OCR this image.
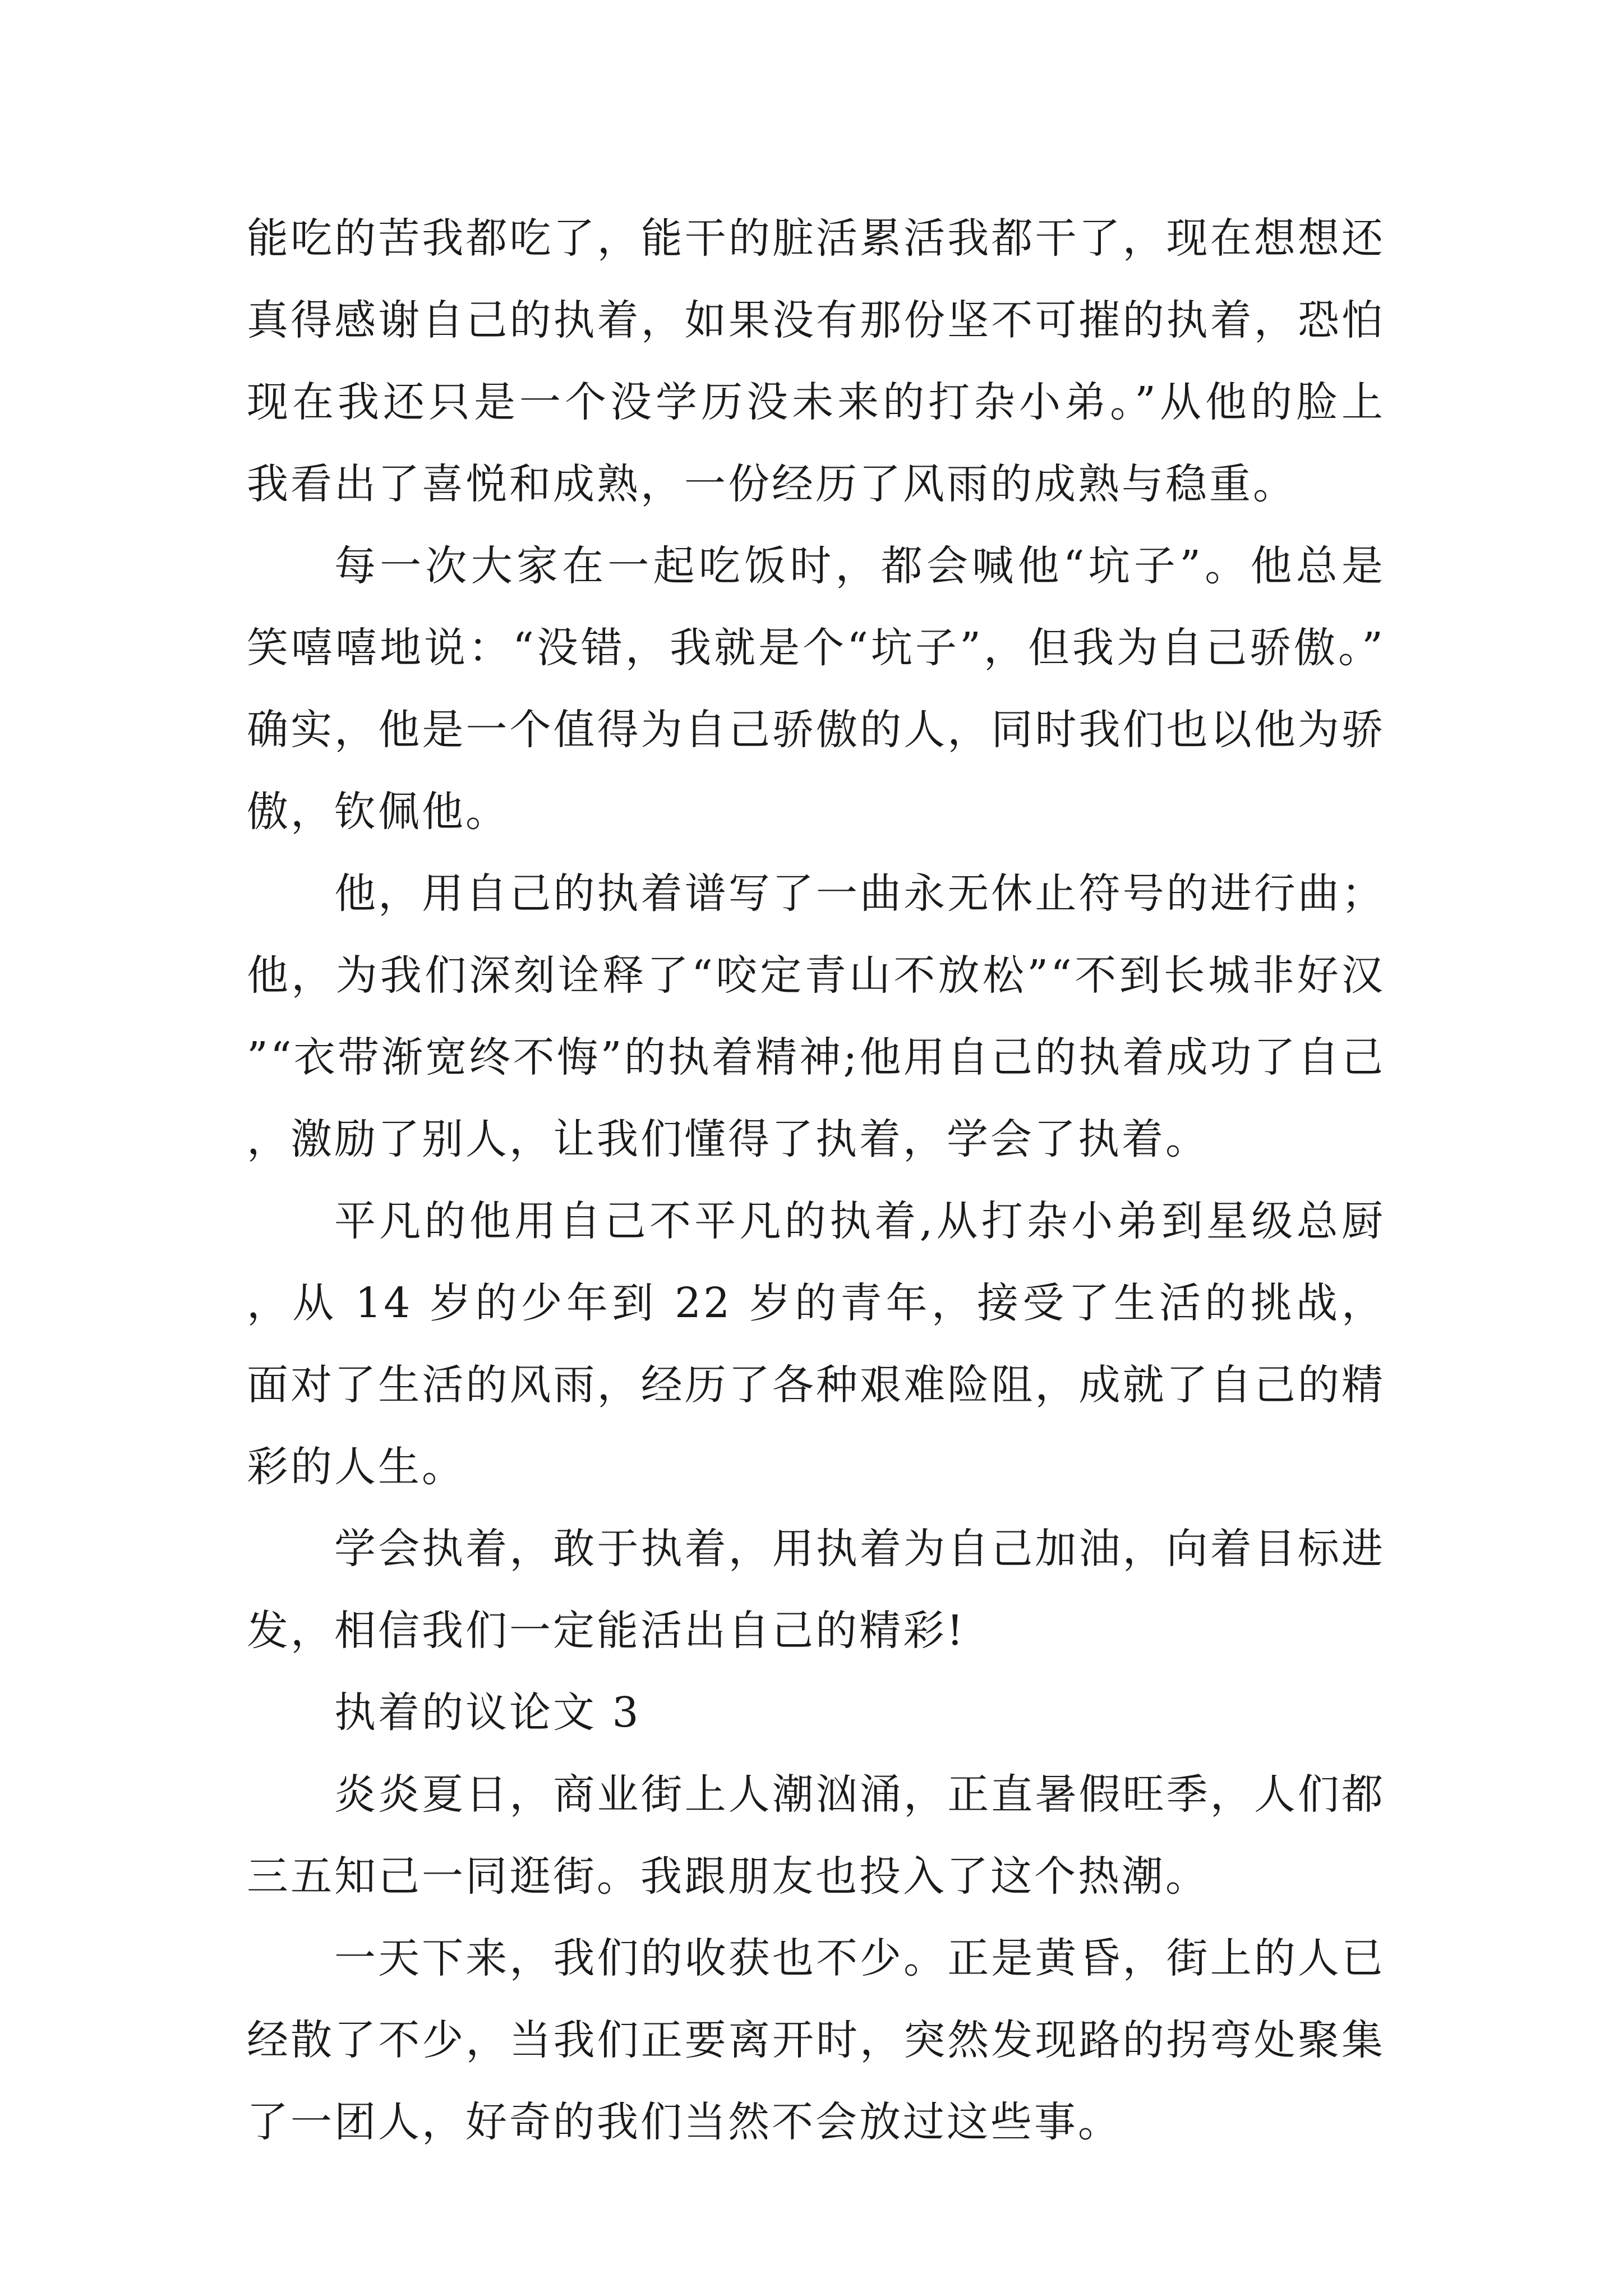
能吃的苦我都吃了，能干的脏活累活我都干了，现在想想还真得感谢自己的执着，如果没有那份坚不可摧的执着，恐怕现在我还只是一个没学历没未来的打杂小弟。”从他的脸上我看出了喜悦和成熟，一份经历了风雨的成熟与稳重。

每一次大家在一起吃饭时，都会喊他“坑子”。他总是笑嘻嘻地说：“没错，我就是个“坑子”，但我为自己骄傲。”确实，他是一个值得为自己骄傲的人，同时我们也以他为骄傲，钦佩他。

他，用自己的执着谱写了一曲永无休止符号的进行曲；他，为我们深刻诠释了“咬定青山不放松”“不到长城非好汉”“衣带渐宽终不悔”的执着精神;他用自己的执着成功了自己，激励了别人，让我们懂得了执着，学会了执着。

平凡的他用自己不平凡的执着,从打杂小弟到星级总厨，从 14 岁的少年到 22 岁的青年，接受了生活的挑战，面对了生活的风雨，经历了各种艰难险阻，成就了自己的精彩的人生。

学会执着，敢于执着，用执着为自己加油，向着目标进发，相信我们一定能活出自己的精彩!

执着的议论文 3

炎炎夏日，商业街上人潮汹涌，正直暑假旺季，人们都三五知己一同逛街。我跟朋友也投入了这个热潮。

一天下来，我们的收获也不少。正是黄昏，街上的人已经散了不少，当我们正要离开时，突然发现路的拐弯处聚集了一团人，好奇的我们当然不会放过这些事。
